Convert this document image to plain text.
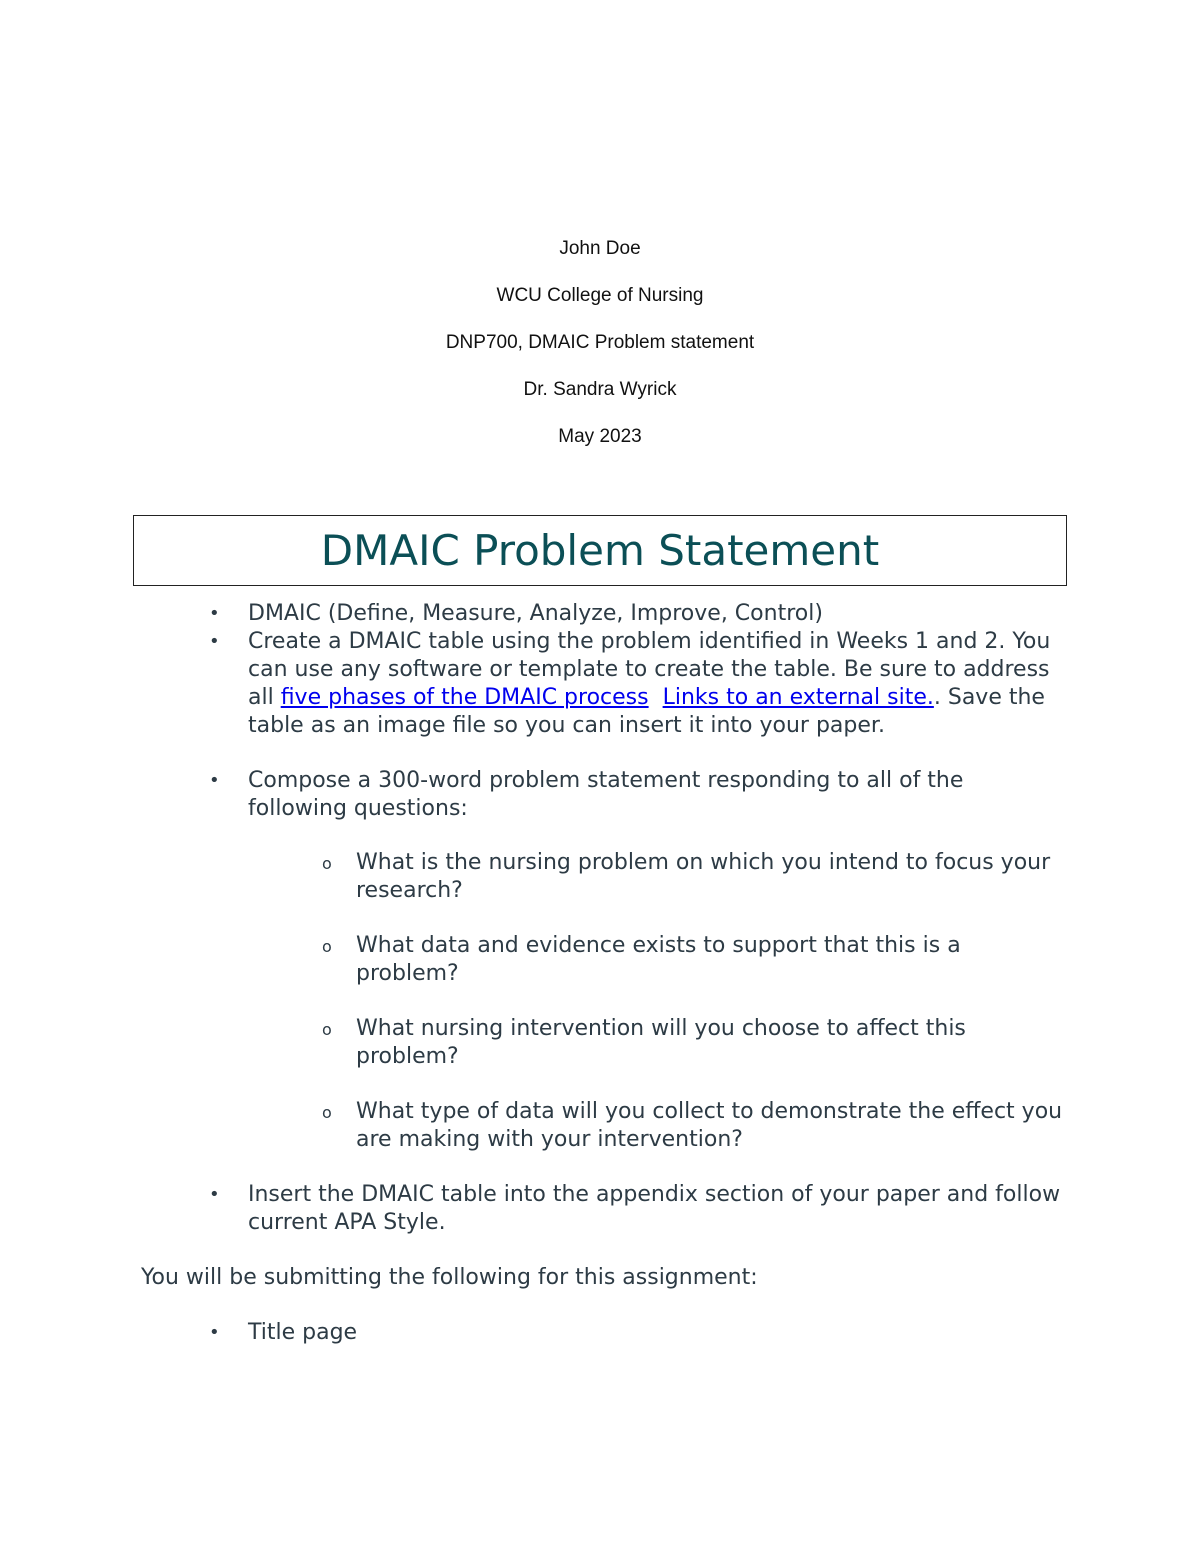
John Doe
WCU College of Nursing
DNP700, DMAIC Problem statement
Dr. Sandra Wyrick
May 2023
DMAIC Problem Statement
• DMAIC (Define, Measure, Analyze, Improve, Control)
• Create a DMAIC table using the problem identified in Weeks 1 and 2. You can use any software or template to create the table. Be sure to address all five phases of the DMAIC process Links to an external site.. Save the table as an image file so you can insert it into your paper.
• Compose a 300-word problem statement responding to all of the following questions:
o What is the nursing problem on which you intend to focus your research?
o What data and evidence exists to support that this is a problem?
o What nursing intervention will you choose to affect this problem?
o What type of data will you collect to demonstrate the effect you are making with your intervention?
• Insert the DMAIC table into the appendix section of your paper and follow current APA Style.

You will be submitting the following for this assignment:

• Title page
